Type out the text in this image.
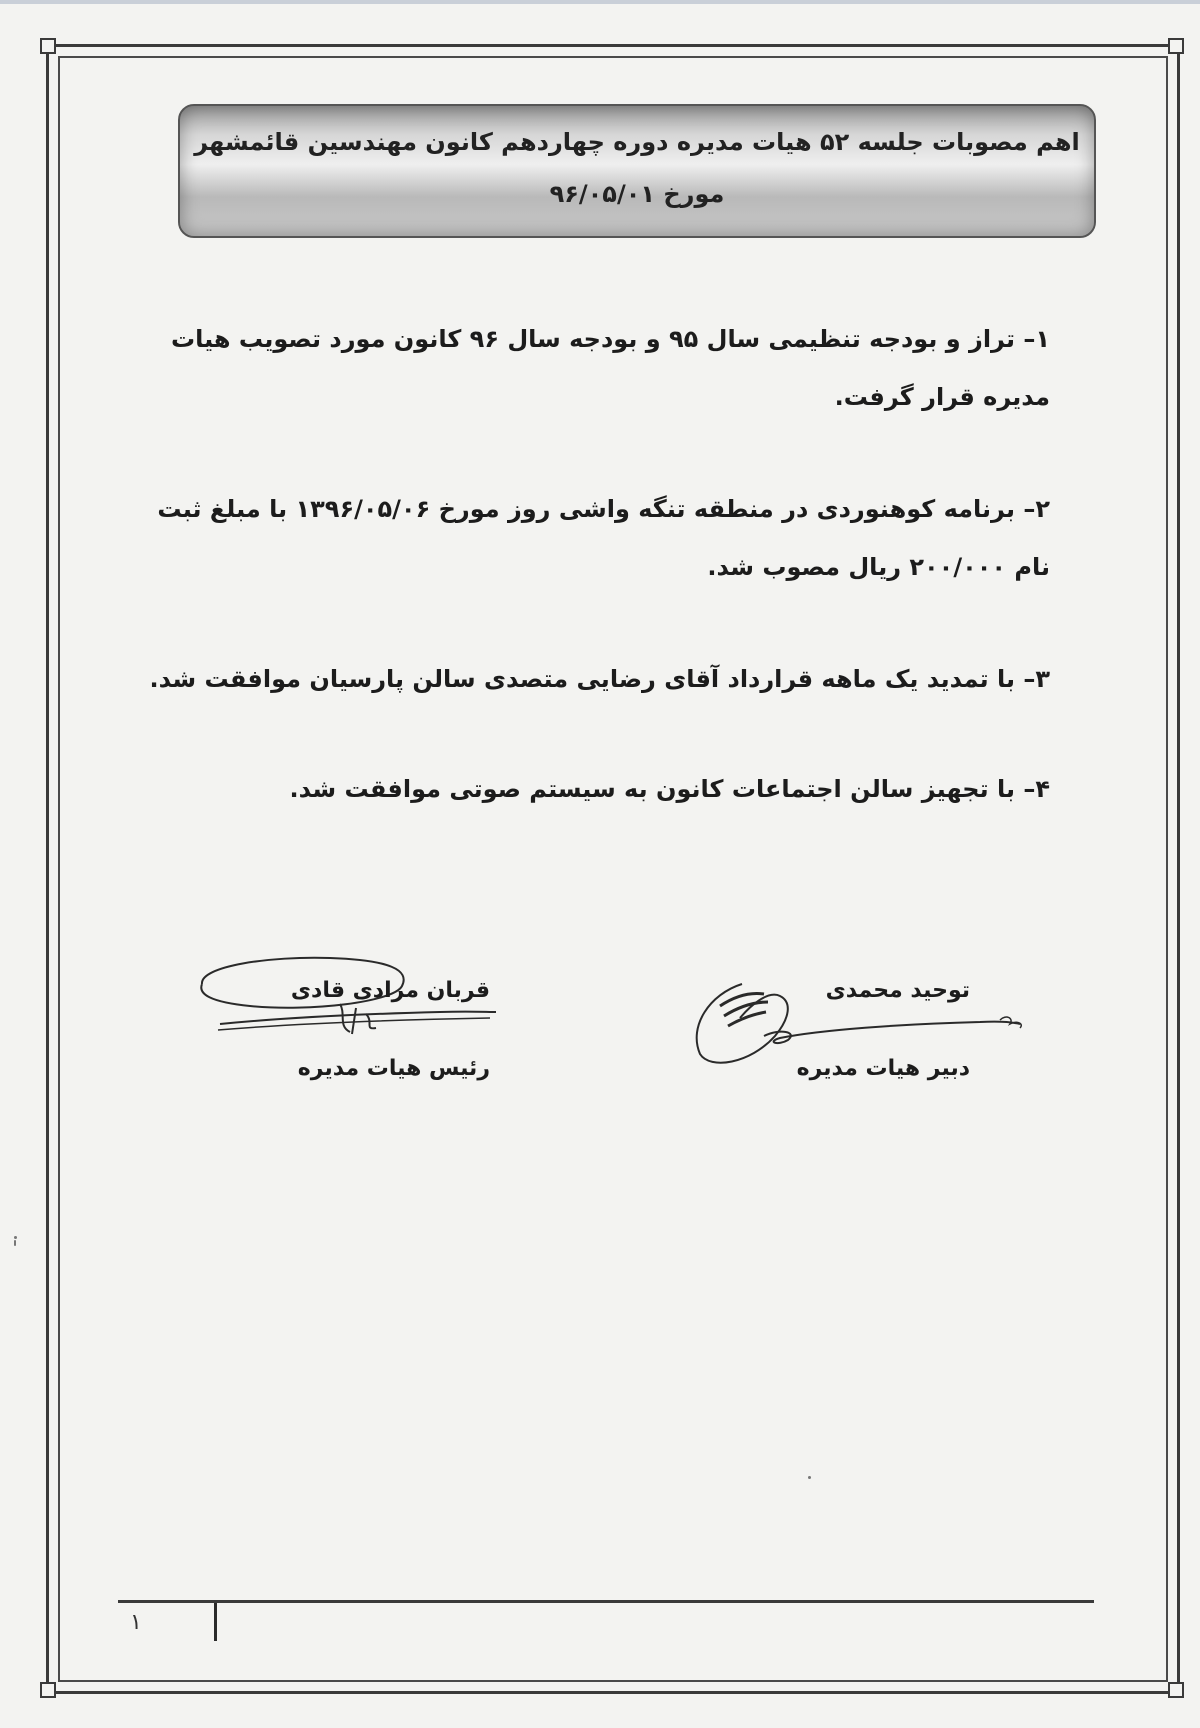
اهم مصوبات جلسه ۵۲ هیات مدیره دوره چهاردهم کانون مهندسین قائمشهر
مورخ ۹۶/۰۵/۰۱
۱– تراز و بودجه تنظیمی سال ۹۵ و بودجه سال ۹۶ کانون مورد تصویب هیات مدیره قرار گرفت.
۲– برنامه کوهنوردی در منطقه تنگه واشی روز مورخ ۱۳۹۶/۰۵/۰۶ با مبلغ ثبت نام ۲۰۰/۰۰۰ ریال مصوب شد.
۳– با تمدید یک ماهه قرارداد آقای رضایی متصدی سالن پارسیان موافقت شد.
۴– با تجهیز سالن اجتماعات کانون به سیستم صوتی موافقت شد.
توحید محمدی
دبیر هیات مدیره
قربان مرادی قادی
رئیس هیات مدیره
۱
